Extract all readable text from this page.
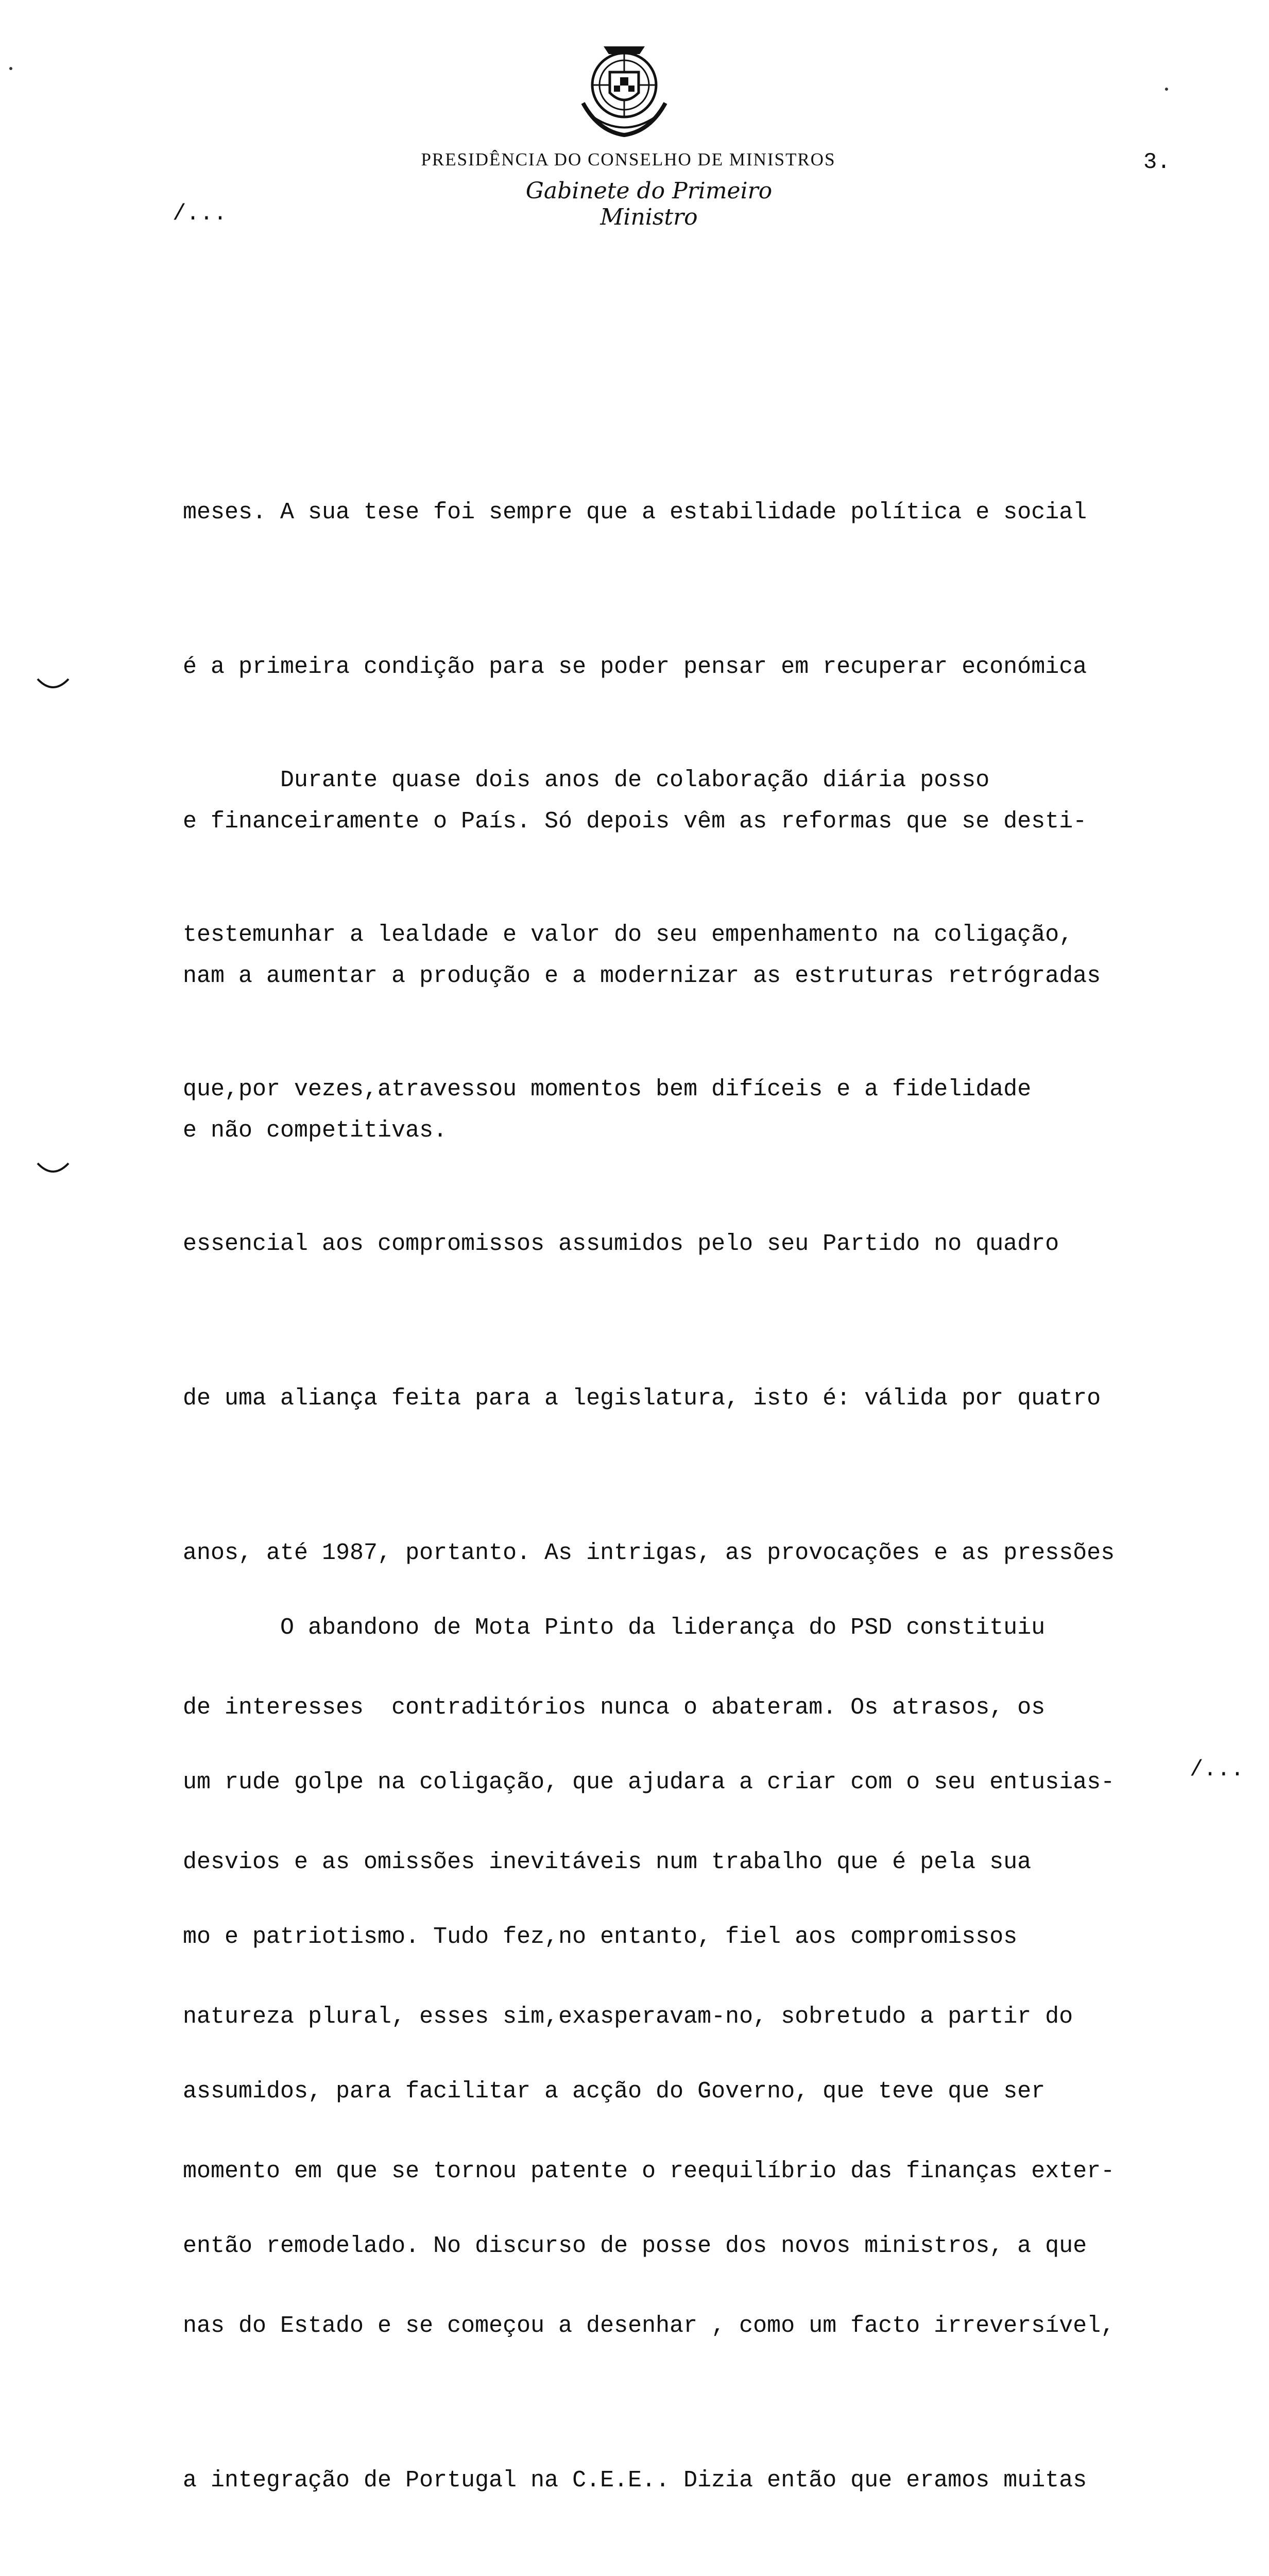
PRESIDÊNCIA DO CONSELHO DE MINISTROS
Gabinete do Primeiro Ministro
3.
/...

meses. A sua tese foi sempre que a estabilidade política e social

é a primeira condição para se poder pensar em recuperar económica

e financeiramente o País. Só depois vêm as reformas que se desti-

nam a aumentar a produção e a modernizar as estruturas retrógradas

e não competitivas.

Durante quase dois anos de colaboração diária posso

testemunhar a lealdade e valor do seu empenhamento na coligação,

que,por vezes,atravessou momentos bem difíceis e a fidelidade

essencial aos compromissos assumidos pelo seu Partido no quadro

de uma aliança feita para a legislatura, isto é: válida por quatro

anos, até 1987, portanto. As intrigas, as provocações e as pressões

de interesses  contraditórios nunca o abateram. Os atrasos, os

desvios e as omissões inevitáveis num trabalho que é pela sua

natureza plural, esses sim,exasperavam-no, sobretudo a partir do

momento em que se tornou patente o reequilíbrio das finanças exter-

nas do Estado e se começou a desenhar , como um facto irreversível,

a integração de Portugal na C.E.E.. Dizia então que eramos muitas

O abandono de Mota Pinto da liderança do PSD constituiu

um rude golpe na coligação, que ajudara a criar com o seu entusias-

mo e patriotismo. Tudo fez,no entanto, fiel aos compromissos

assumidos, para facilitar a acção do Governo, que teve que ser

então remodelado. No discurso de posse dos novos ministros, a que

/...
